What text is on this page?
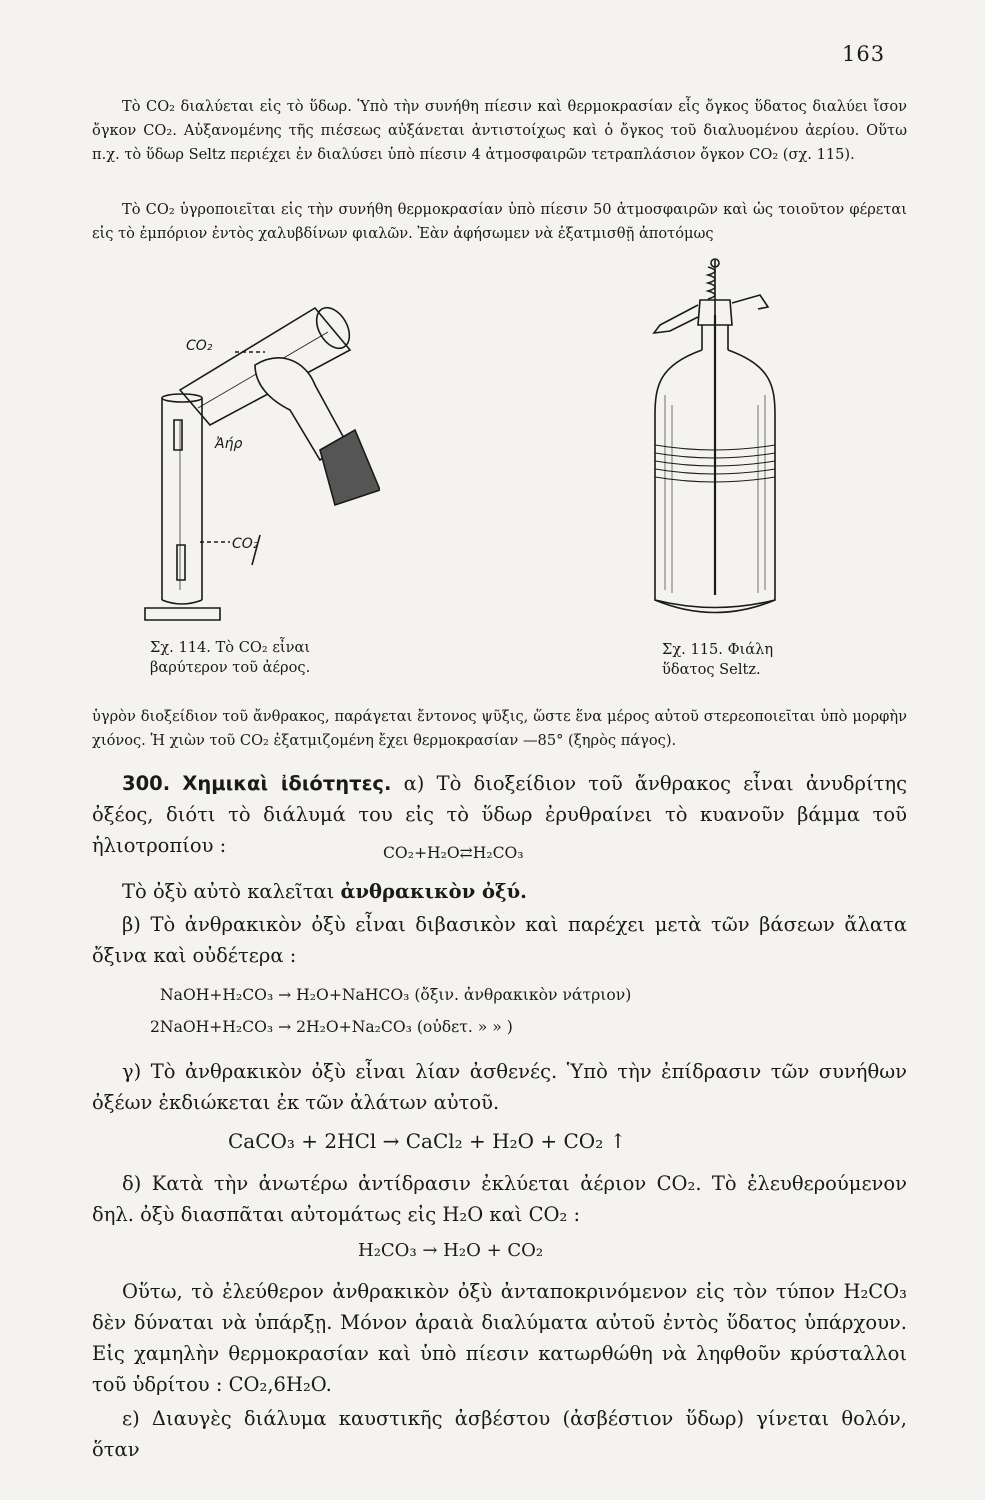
163
Τὸ CO₂ διαλύεται εἰς τὸ ὕδωρ. Ὑπὸ τὴν συνήθη πίεσιν καὶ θερμοκρασίαν εἷς ὄγκος ὕδατος διαλύει ἴσον ὄγκον CO₂. Αὐξανομένης τῆς πιέσεως αὐξάνεται ἀντιστοίχως καὶ ὁ ὄγκος τοῦ διαλυομένου ἀερίου. Οὕτω π.χ. τὸ ὕδωρ Seltz περιέχει ἐν διαλύσει ὑπὸ πίεσιν 4 ἀτμοσφαιρῶν τετραπλάσιον ὄγκον CO₂ (σχ. 115).
Τὸ CO₂ ὑγροποιεῖται εἰς τὴν συνήθη θερμοκρασίαν ὑπὸ πίεσιν 50 ἀτμοσφαιρῶν καὶ ὡς τοιοῦτον φέρεται εἰς τὸ ἐμπόριον ἐντὸς χαλυβδίνων φιαλῶν. Ἐὰν ἀφήσωμεν νὰ ἐξατμισθῇ ἀποτόμως
CO₂
Ἀήρ
CO₂
Σχ. 114. Τὸ CO₂ εἶναι
βαρύτερον τοῦ ἀέρος.
Σχ. 115. Φιάλη
ὕδατος Seltz.
ὑγρὸν διοξείδιον τοῦ ἄνθρακος, παράγεται ἔντονος ψῦξις, ὥστε ἕνα μέρος αὐτοῦ στερεοποιεῖται ὑπὸ μορφὴν χιόνος. Ἡ χιὼν τοῦ CO₂ ἐξατμιζομένη ἔχει θερμοκρασίαν —85° (ξηρὸς πάγος).
300. Χημικαὶ ἰδιότητες. α) Τὸ διοξείδιον τοῦ ἄνθρακος εἶναι ἀνυδρίτης ὀξέος, διότι τὸ διάλυμά του εἰς τὸ ὕδωρ ἐρυθραίνει τὸ κυανοῦν βάμμα τοῦ ἡλιοτροπίου :	CO₂+H₂O⇄H₂CO₃
Τὸ ὀξὺ αὐτὸ καλεῖται ἀνθρακικὸν ὀξύ.
β) Τὸ ἀνθρακικὸν ὀξὺ εἶναι διβασικὸν καὶ παρέχει μετὰ τῶν βάσεων ἄλατα ὄξινα καὶ οὐδέτερα :
NaOH+H₂CO₃ → H₂O+NaHCO₃ (ὄξιν. ἀνθρακικὸν νάτριον)
2NaOH+H₂CO₃ → 2H₂O+Na₂CO₃ (οὐδετ. » » )
γ) Τὸ ἀνθρακικὸν ὀξὺ εἶναι λίαν ἀσθενές. Ὑπὸ τὴν ἐπίδρασιν τῶν συνήθων ὀξέων ἐκδιώκεται ἐκ τῶν ἀλάτων αὐτοῦ.
CaCO₃ + 2HCl → CaCl₂ + H₂O + CO₂ ↑
δ) Κατὰ τὴν ἀνωτέρω ἀντίδρασιν ἐκλύεται ἀέριον CO₂. Τὸ ἐλευθερούμενον δηλ. ὀξὺ διασπᾶται αὐτομάτως εἰς H₂O καὶ CO₂ :
H₂CO₃ → H₂O + CO₂
Οὕτω, τὸ ἐλεύθερον ἀνθρακικὸν ὀξὺ ἀνταποκρινόμενον εἰς τὸν τύπον H₂CO₃ δὲν δύναται νὰ ὑπάρξῃ. Μόνον ἀραιὰ διαλύματα αὐτοῦ ἐντὸς ὕδατος ὑπάρχουν. Εἰς χαμηλὴν θερμοκρασίαν καὶ ὑπὸ πίεσιν κατωρθώθη νὰ ληφθοῦν κρύσταλλοι τοῦ ὑδρίτου : CO₂,6H₂O.
ε) Διαυγὲς διάλυμα καυστικῆς ἀσβέστου (ἀσβέστιον ὕδωρ) γίνεται θολόν, ὅταν
